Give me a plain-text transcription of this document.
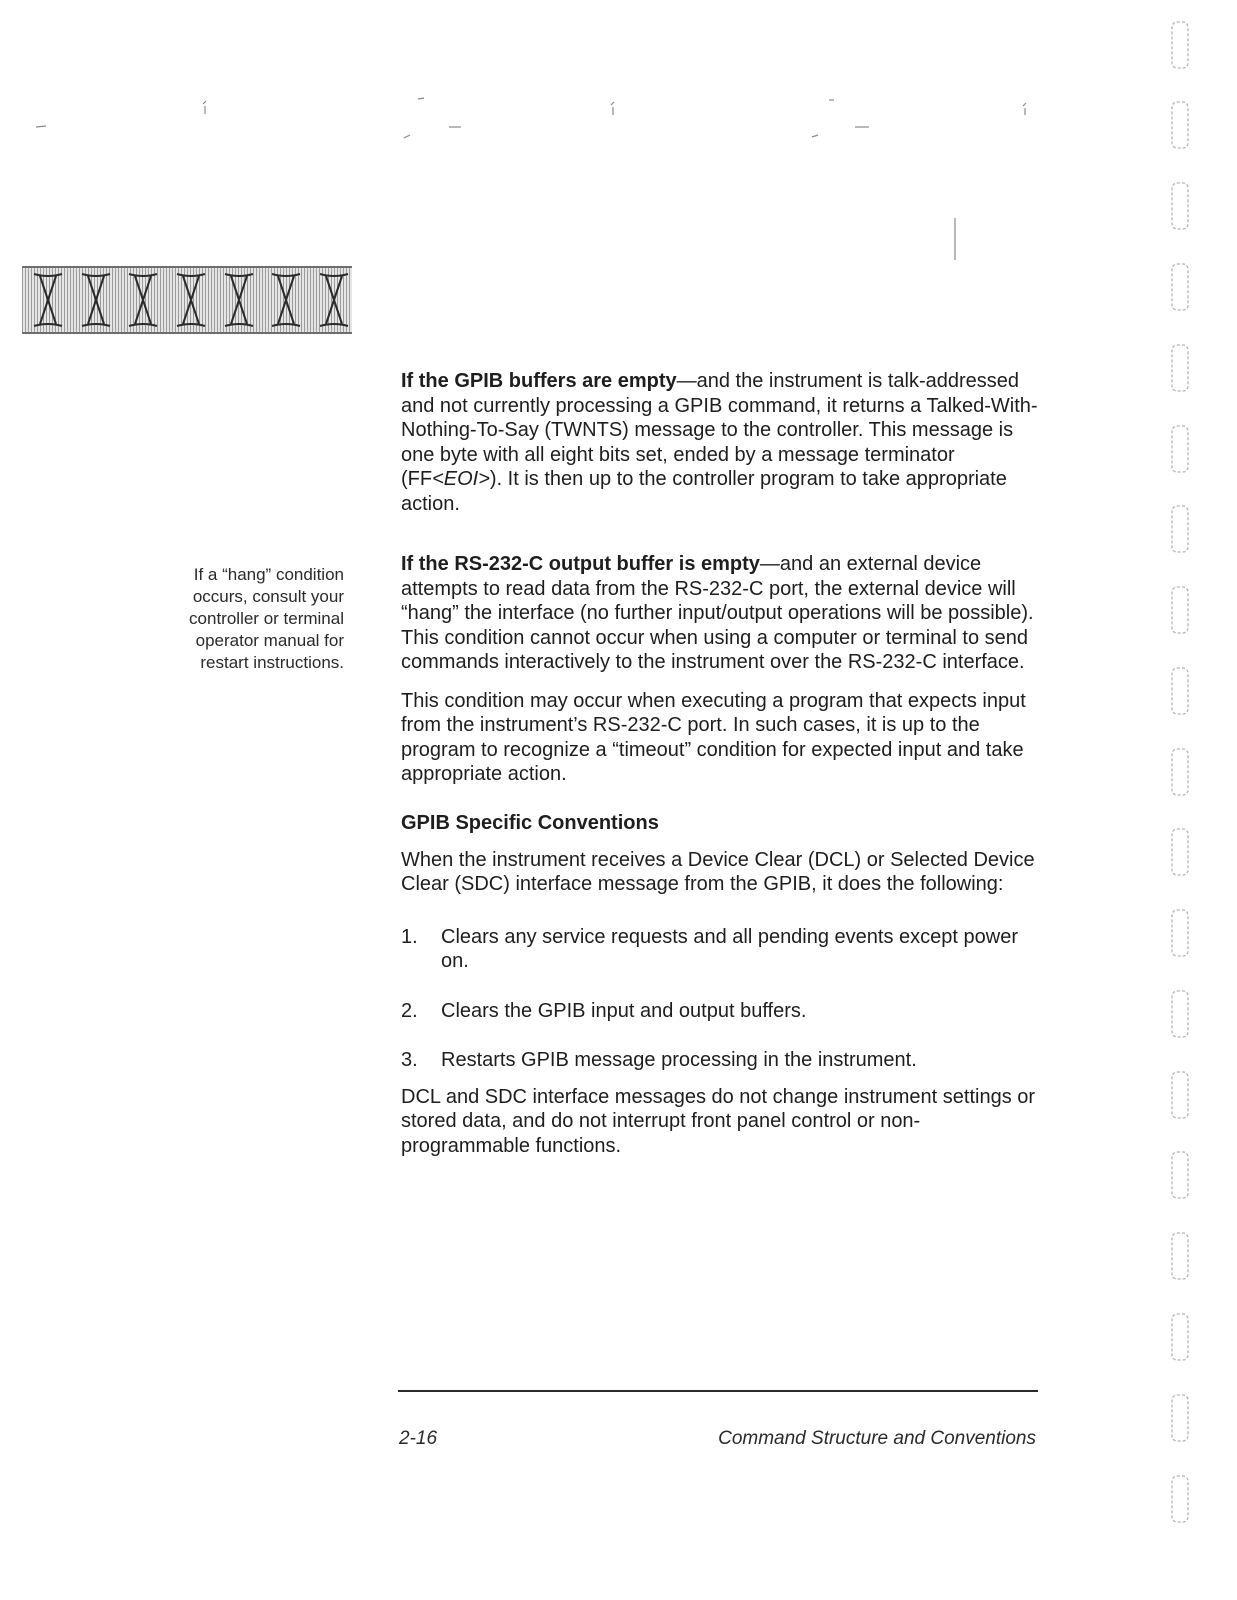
If a “hang” condition occurs, consult your controller or terminal operator manual for restart instructions.

If the GPIB buffers are empty—and the instrument is talk-addressed and not currently processing a GPIB command, it returns a Talked-With-Nothing-To-Say (TWNTS) message to the controller. This message is one byte with all eight bits set, ended by a message terminator (FF<EOI>). It is then up to the controller program to take appropriate action.

If the RS-232-C output buffer is empty—and an external device attempts to read data from the RS-232-C port, the external device will “hang” the interface (no further input/output operations will be possible). This condition cannot occur when using a computer or terminal to send commands interactively to the instrument over the RS-232-C interface.

This condition may occur when executing a program that expects input from the instrument’s RS-232-C port. In such cases, it is up to the program to recognize a “timeout” condition for expected input and take appropriate action.

GPIB Specific Conventions

When the instrument receives a Device Clear (DCL) or Selected Device Clear (SDC) interface message from the GPIB, it does the following:

1.	Clears any service requests and all pending events except power on.
2.	Clears the GPIB input and output buffers.
3.	Restarts GPIB message processing in the instrument.

DCL and SDC interface messages do not change instrument settings or stored data, and do not interrupt front panel control or non-programmable functions.

2-16	Command Structure and Conventions
